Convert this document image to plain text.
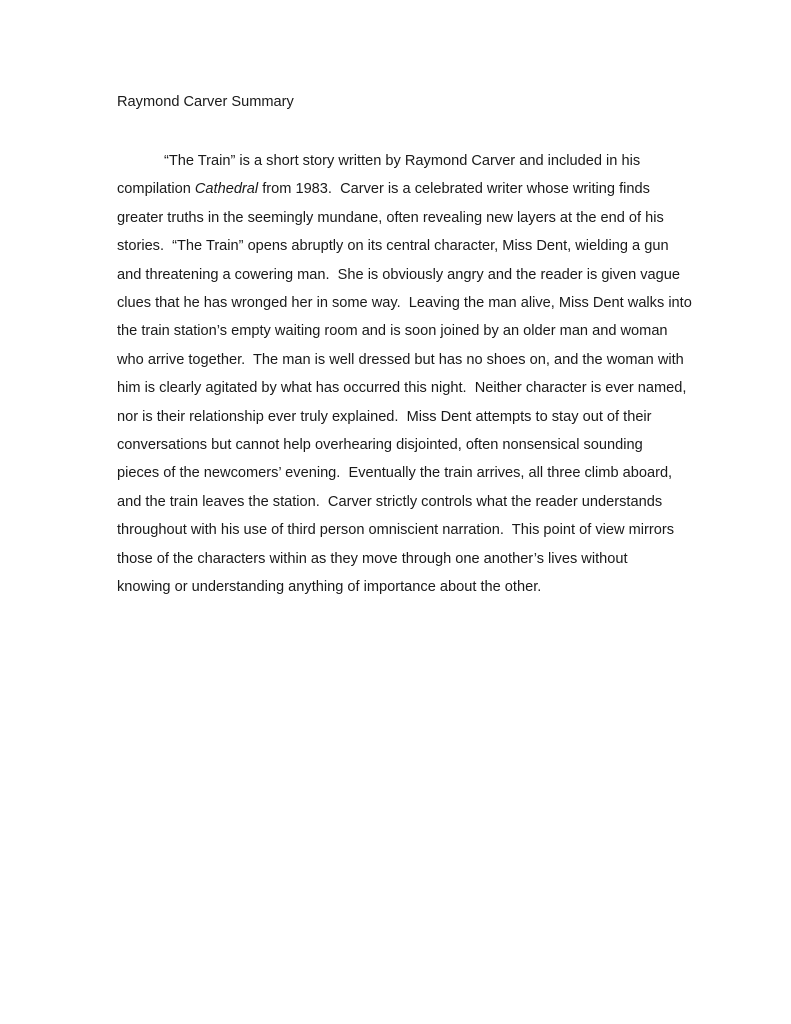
Raymond Carver Summary
“The Train” is a short story written by Raymond Carver and included in his
compilation Cathedral from 1983.  Carver is a celebrated writer whose writing finds
greater truths in the seemingly mundane, often revealing new layers at the end of his
stories.  “The Train” opens abruptly on its central character, Miss Dent, wielding a gun
and threatening a cowering man.  She is obviously angry and the reader is given vague
clues that he has wronged her in some way.  Leaving the man alive, Miss Dent walks into
the train station’s empty waiting room and is soon joined by an older man and woman
who arrive together.  The man is well dressed but has no shoes on, and the woman with
him is clearly agitated by what has occurred this night.  Neither character is ever named,
nor is their relationship ever truly explained.  Miss Dent attempts to stay out of their
conversations but cannot help overhearing disjointed, often nonsensical sounding
pieces of the newcomers’ evening.  Eventually the train arrives, all three climb aboard,
and the train leaves the station.  Carver strictly controls what the reader understands
throughout with his use of third person omniscient narration.  This point of view mirrors
those of the characters within as they move through one another’s lives without
knowing or understanding anything of importance about the other.
